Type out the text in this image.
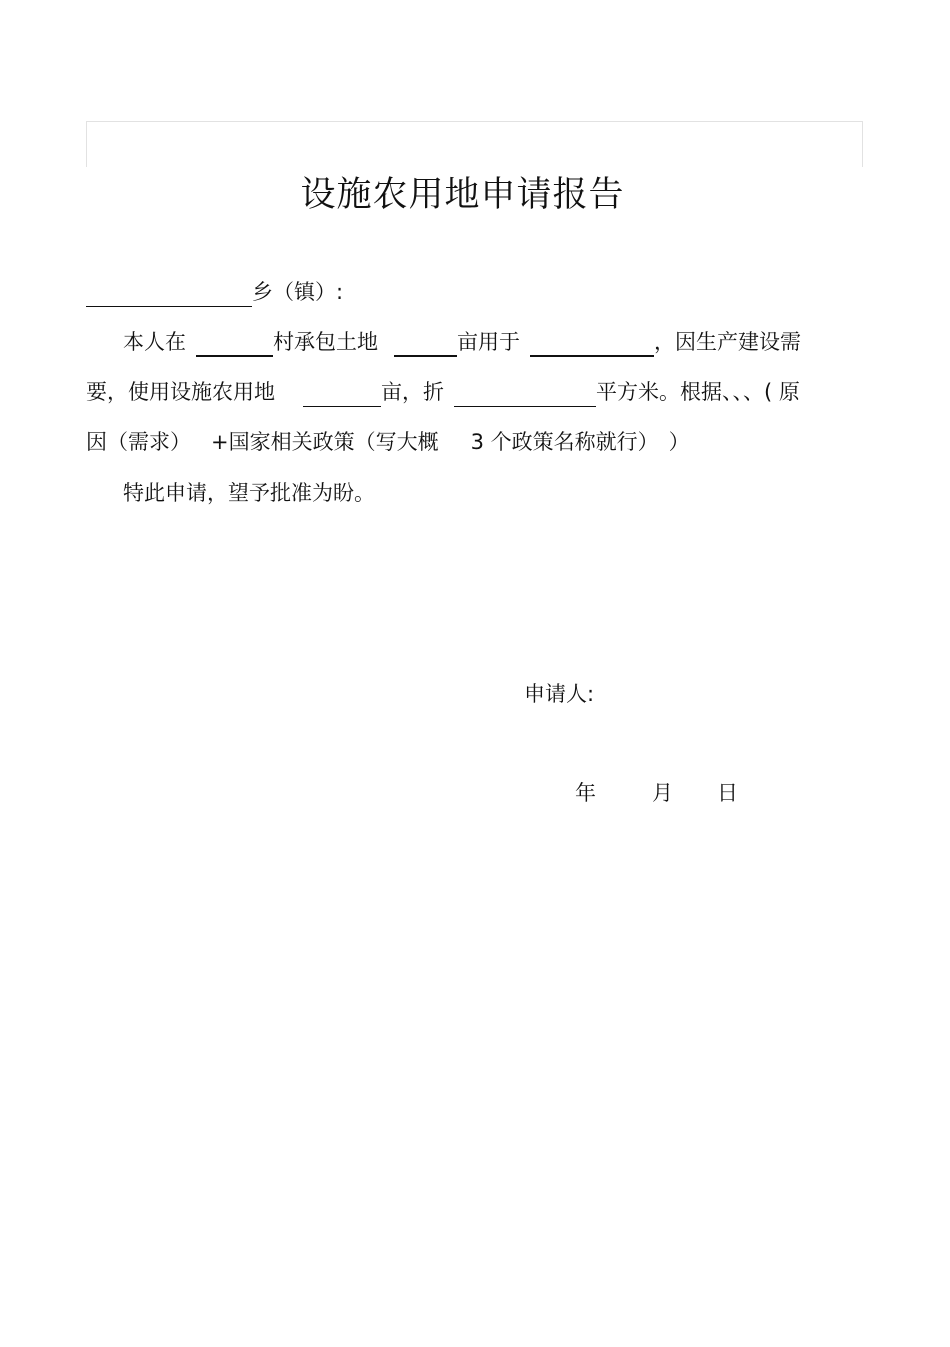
设施农用地申请报告
乡（镇）:
本人在	村承包土地	亩用于	，因生产建设需
要，使用设施农用地	亩，折	平方米。根据、、、( 原
因（需求） +国家相关政策（写大概 3 个政策名称就行） ）
特此申请，望予批准为盼。
申请人:
年	月 日
